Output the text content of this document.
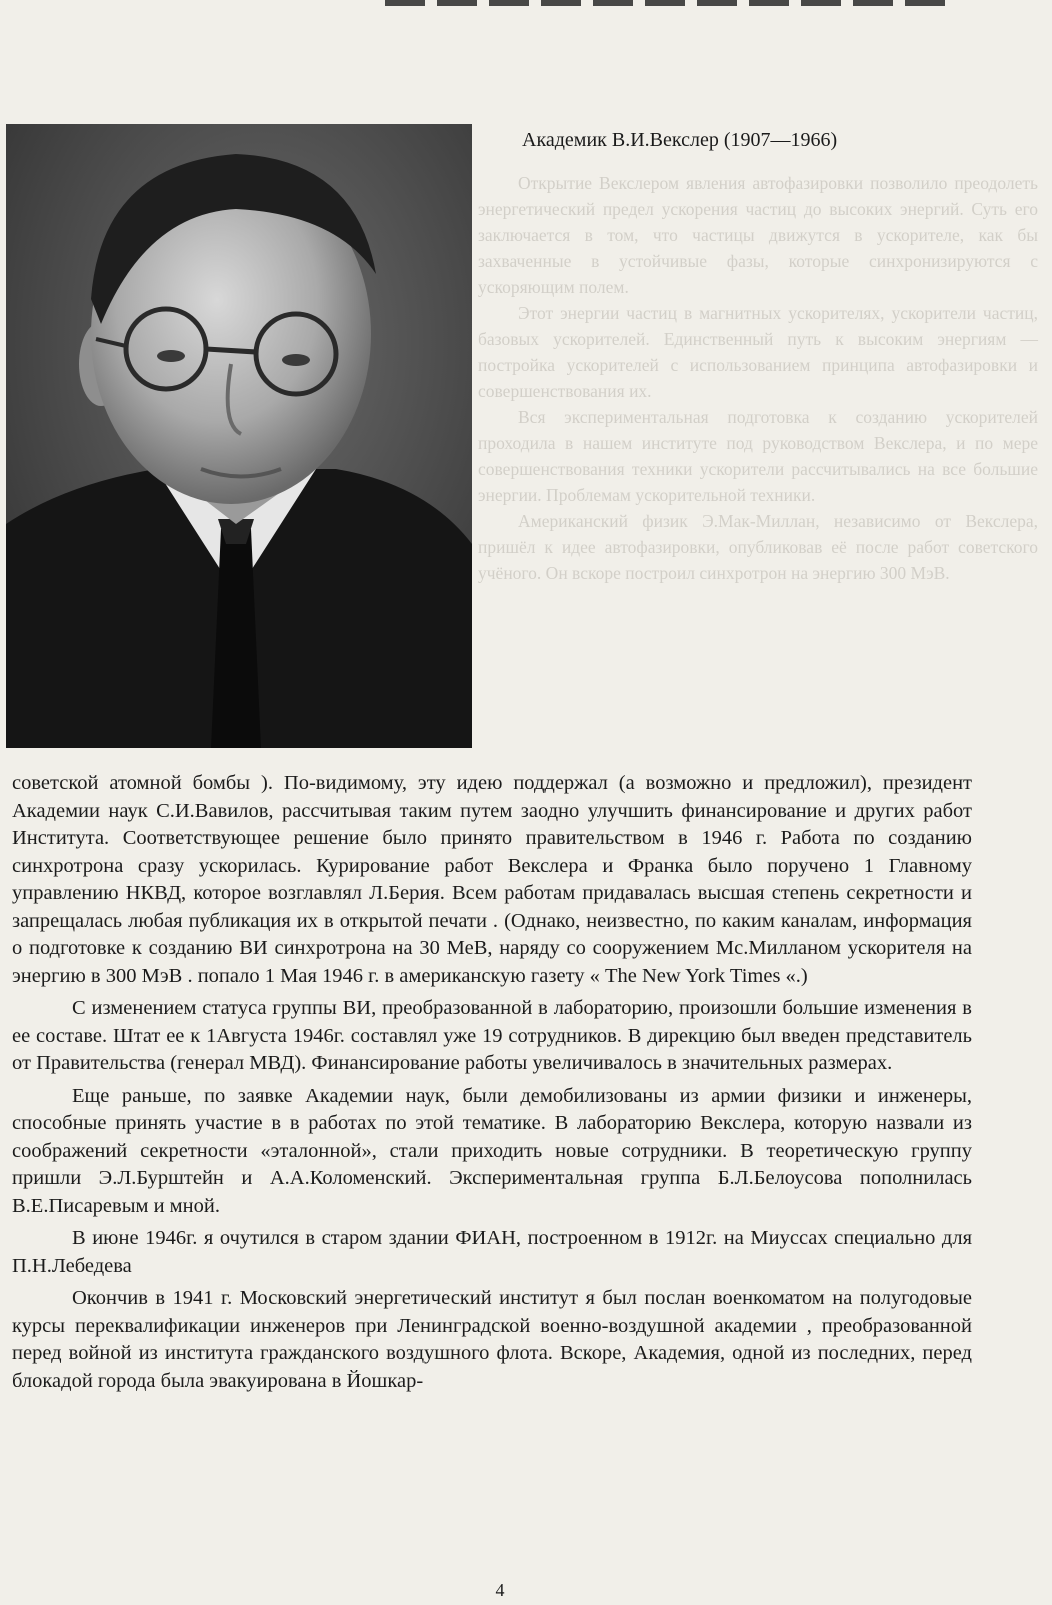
Академик В.И.Векслер (1907—1966)

Открытие Векслером явления автофазировки позволило преодолеть энергетический предел ускорения частиц до высоких энергий. Суть его заключается в том, что частицы движутся в ускорителе, как бы захваченные в устойчивые фазы, которые синхронизируются с ускоряющим полем.

Этот энергии частиц в магнитных ускорителях, ускорители частиц, базовых ускорителей. Единственный путь к высоким энергиям — постройка ускорителей с использованием принципа автофазировки и совершенствования их.

Вся экспериментальная подготовка к созданию ускорителей проходила в нашем институте под руководством Векслера, и по мере совершенствования техники ускорители рассчитывались на все большие энергии. Проблемам ускорительной техники.

Американский физик Э.Мак-Миллан, независимо от Векслера, пришёл к идее автофазировки, опубликовав её после работ советского учёного. Он вскоре построил синхротрон на энергию 300 МэВ.

советской атомной бомбы ). По-видимому, эту идею поддержал (а возможно и предложил), президент Академии наук С.И.Вавилов, рассчитывая таким путем заодно улучшить финансирование и других работ Института. Соответствующее решение было принято правительством в 1946 г. Работа по созданию синхротрона сразу ускорилась. Курирование работ Векслера и Франка было поручено 1 Главному управлению НКВД, которое возглавлял Л.Берия. Всем работам придавалась высшая степень секретности и запрещалась любая публикация их в открытой печати . (Однако, неизвестно, по каким каналам, информация о подготовке к созданию ВИ синхротрона на 30 МеВ, наряду со сооружением Мс.Милланом ускорителя на энергию в 300 МэВ . попало 1 Мая 1946 г. в американскую газету « The New York Times «.)

С изменением статуса группы ВИ, преобразованной в лабораторию, произошли большие изменения в ее составе. Штат ее к 1Августа 1946г. составлял уже 19 сотрудников. В дирекцию был введен представитель от Правительства (генерал МВД). Финансирование работы увеличивалось в значительных размерах.

Еще раньше, по заявке Академии наук, были демобилизованы из армии физики и инженеры, способные принять участие в в работах по этой тематике. В лабораторию Векслера, которую назвали из соображений секретности «эталонной», стали приходить новые сотрудники. В теоретическую группу пришли Э.Л.Бурштейн и А.А.Коломенский. Экспериментальная группа Б.Л.Белоусова пополнилась В.Е.Писаревым и мной.

В июне 1946г. я очутился в старом здании ФИАН, построенном в 1912г. на Миуссах специально для П.Н.Лебедева

Окончив в 1941 г. Московский энергетический институт я был послан военкоматом на полугодовые курсы переквалификации инженеров при Ленинградской военно-воздушной академии , преобразованной перед войной из института гражданского воздушного флота. Вскоре, Академия, одной из последних, перед блокадой города была эвакуирована в Йошкар-

4
